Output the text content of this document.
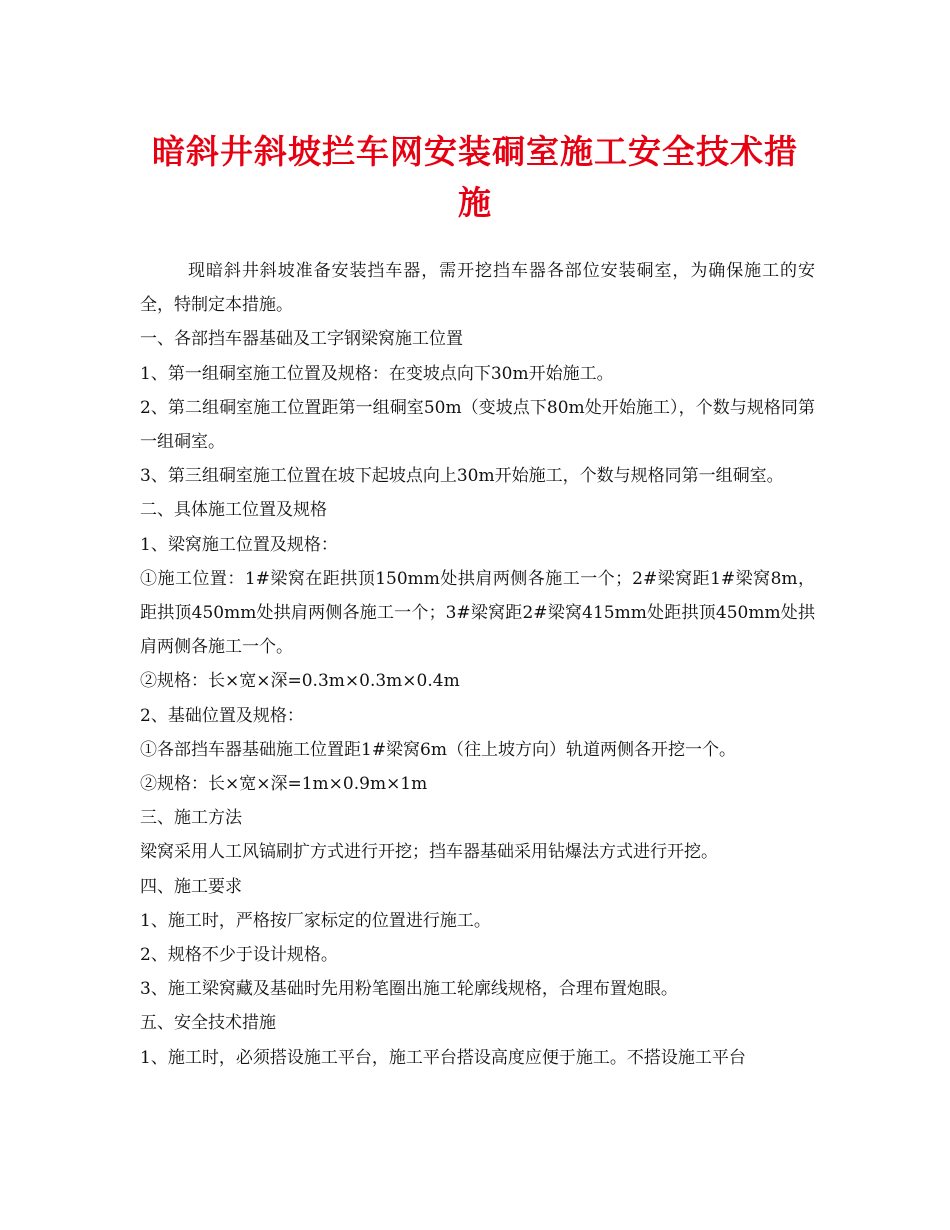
暗斜井斜坡拦车网安装硐室施工安全技术措施

现暗斜井斜坡准备安装挡车器，需开挖挡车器各部位安装硐室，为确保施工的安全，特制定本措施。

一、各部挡车器基础及工字钢梁窝施工位置

1、第一组硐室施工位置及规格：在变坡点向下30m开始施工。

2、第二组硐室施工位置距第一组硐室50m（变坡点下80m处开始施工），个数与规格同第一组硐室。

3、第三组硐室施工位置在坡下起坡点向上30m开始施工，个数与规格同第一组硐室。

二、具体施工位置及规格

1、梁窝施工位置及规格：

①施工位置：1#梁窝在距拱顶150mm处拱肩两侧各施工一个；2#梁窝距1#梁窝8m，距拱顶450mm处拱肩两侧各施工一个；3#梁窝距2#梁窝415mm处距拱顶450mm处拱肩两侧各施工一个。

②规格：长×宽×深=0.3m×0.3m×0.4m

2、基础位置及规格：

①各部挡车器基础施工位置距1#梁窝6m（往上坡方向）轨道两侧各开挖一个。

②规格：长×宽×深=1m×0.9m×1m

三、施工方法

梁窝采用人工风镐刷扩方式进行开挖；挡车器基础采用钻爆法方式进行开挖。

四、施工要求

1、施工时，严格按厂家标定的位置进行施工。

2、规格不少于设计规格。

3、施工梁窝藏及基础时先用粉笔圈出施工轮廓线规格，合理布置炮眼。

五、安全技术措施

1、施工时，必须搭设施工平台，施工平台搭设高度应便于施工。不搭设施工平台
